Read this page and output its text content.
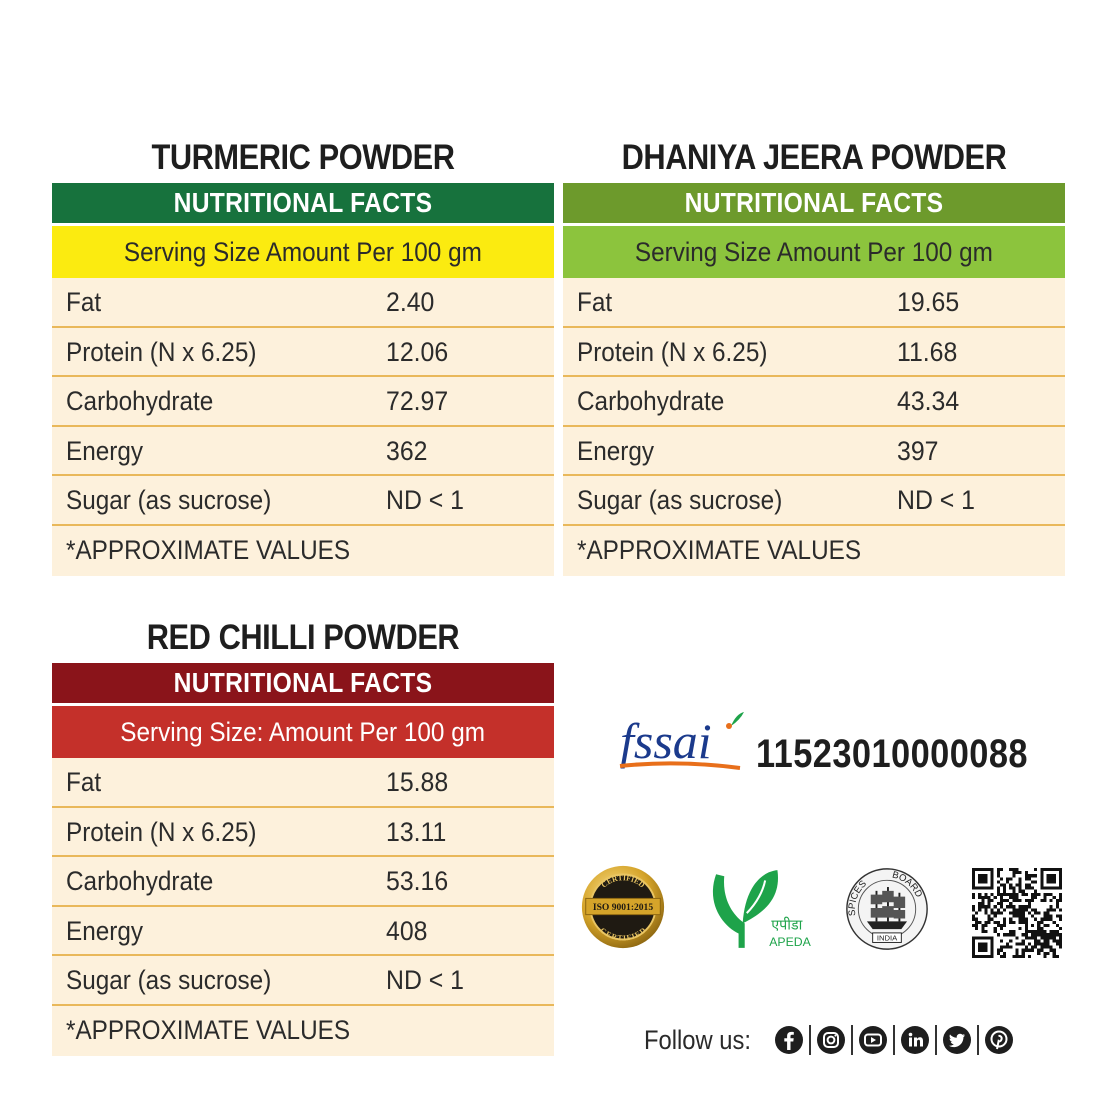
TURMERIC POWDER
NUTRITIONAL FACTS
Serving Size Amount Per 100 gm
Fat	2.40
Protein (N x 6.25)	12.06
Carbohydrate	72.97
Energy	362
Sugar (as sucrose)	ND < 1
*APPROXIMATE VALUES
DHANIYA JEERA POWDER
NUTRITIONAL FACTS
Serving Size Amount Per 100 gm
Fat	19.65
Protein (N x 6.25)	11.68
Carbohydrate	43.34
Energy	397
Sugar (as sucrose)	ND < 1
*APPROXIMATE VALUES
RED CHILLI POWDER
NUTRITIONAL FACTS
Serving Size: Amount Per 100 gm
Fat	15.88
Protein (N x 6.25)	13.11
Carbohydrate	53.16
Energy	408
Sugar (as sucrose)	ND < 1
*APPROXIMATE VALUES
fssai 11523010000088
ISO 9001:2015
CERTIFIED
CERTIFIED	एपीडा
APEDA
SPICES
BOARD
INDIA
Follow us:
